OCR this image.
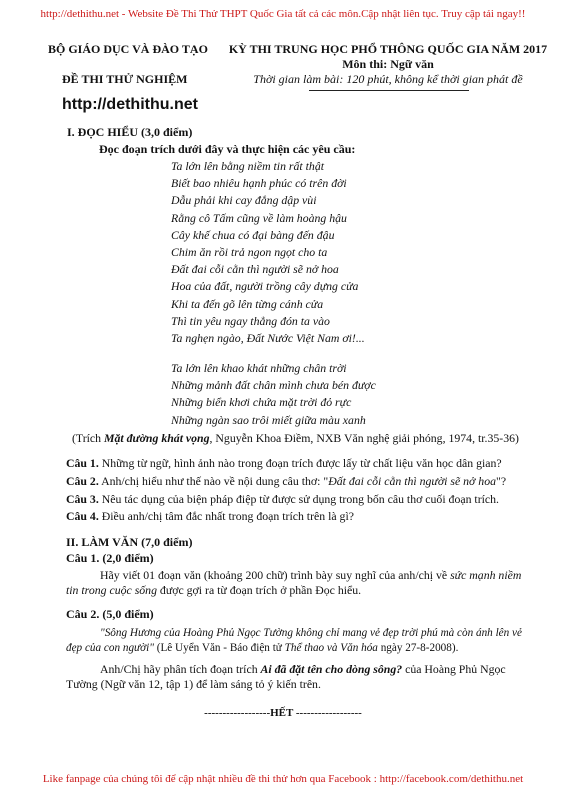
http://dethithu.net - Website Đề Thi Thử THPT Quốc Gia tất cả các môn.Cập nhật liên tục. Truy cập tải ngay!!
BỘ GIÁO DỤC VÀ ĐÀO TẠO
ĐỀ THI THỬ NGHIỆM
KỲ THI TRUNG HỌC PHỔ THÔNG QUỐC GIA NĂM 2017
Môn thi: Ngữ văn
Thời gian làm bài: 120 phút, không kể thời gian phát đề
http://dethithu.net
I. ĐỌC HIỂU (3,0 điểm)
Đọc đoạn trích dưới đây và thực hiện các yêu cầu:
Ta lớn lên bằng niềm tin rất thật
Biết bao nhiêu hạnh phúc có trên đời
Dẫu phải khi cay đắng dập vùi
Rằng cô Tấm cũng về làm hoàng hậu
Cây khế chua có đại bàng đến đậu
Chim ăn rồi trả ngon ngọt cho ta
Đất đai cỗi cằn thì người sẽ nở hoa
Hoa của đất, người trồng cây dựng cửa
Khi ta đến gõ lên từng cánh cửa
Thì tin yêu ngay thẳng đón ta vào
Ta nghẹn ngào, Đất Nước Việt Nam ơi!...
Ta lớn lên khao khát những chân trời
Những mảnh đất chân mình chưa bén được
Những biển khơi chứa mặt trời đỏ rực
Những ngàn sao trôi miết giữa màu xanh
(Trích Mặt đường khát vọng, Nguyễn Khoa Điềm, NXB Văn nghệ giải phóng, 1974, tr.35-36)
Câu 1. Những từ ngữ, hình ảnh nào trong đoạn trích được lấy từ chất liệu văn học dân gian?
Câu 2. Anh/chị hiểu như thế nào về nội dung câu thơ: "Đất đai cỗi cằn thì người sẽ nở hoa"?
Câu 3. Nêu tác dụng của biện pháp điệp từ được sử dụng trong bốn câu thơ cuối đoạn trích.
Câu 4. Điều anh/chị tâm đắc nhất trong đoạn trích trên là gì?
II. LÀM VĂN (7,0 điểm)
Câu 1. (2,0 điểm)
Hãy viết 01 đoạn văn (khoảng 200 chữ) trình bày suy nghĩ của anh/chị về sức mạnh niềm tin trong cuộc sống được gợi ra từ đoạn trích ở phần Đọc hiểu.
Câu 2. (5,0 điểm)
"Sông Hương của Hoàng Phủ Ngọc Tường không chỉ mang vẻ đẹp trời phú mà còn ánh lên vẻ đẹp của con người" (Lê Uyển Văn - Báo điện tử Thể thao và Văn hóa ngày 27-8-2008).
Anh/Chị hãy phân tích đoạn trích Ai đã đặt tên cho dòng sông? của Hoàng Phủ Ngọc Tường (Ngữ văn 12, tập 1) để làm sáng tỏ ý kiến trên.
------------------HẾT ------------------
Like fanpage của chúng tôi để cập nhật nhiều đề thi thử hơn qua Facebook : http://facebook.com/dethithu.net
